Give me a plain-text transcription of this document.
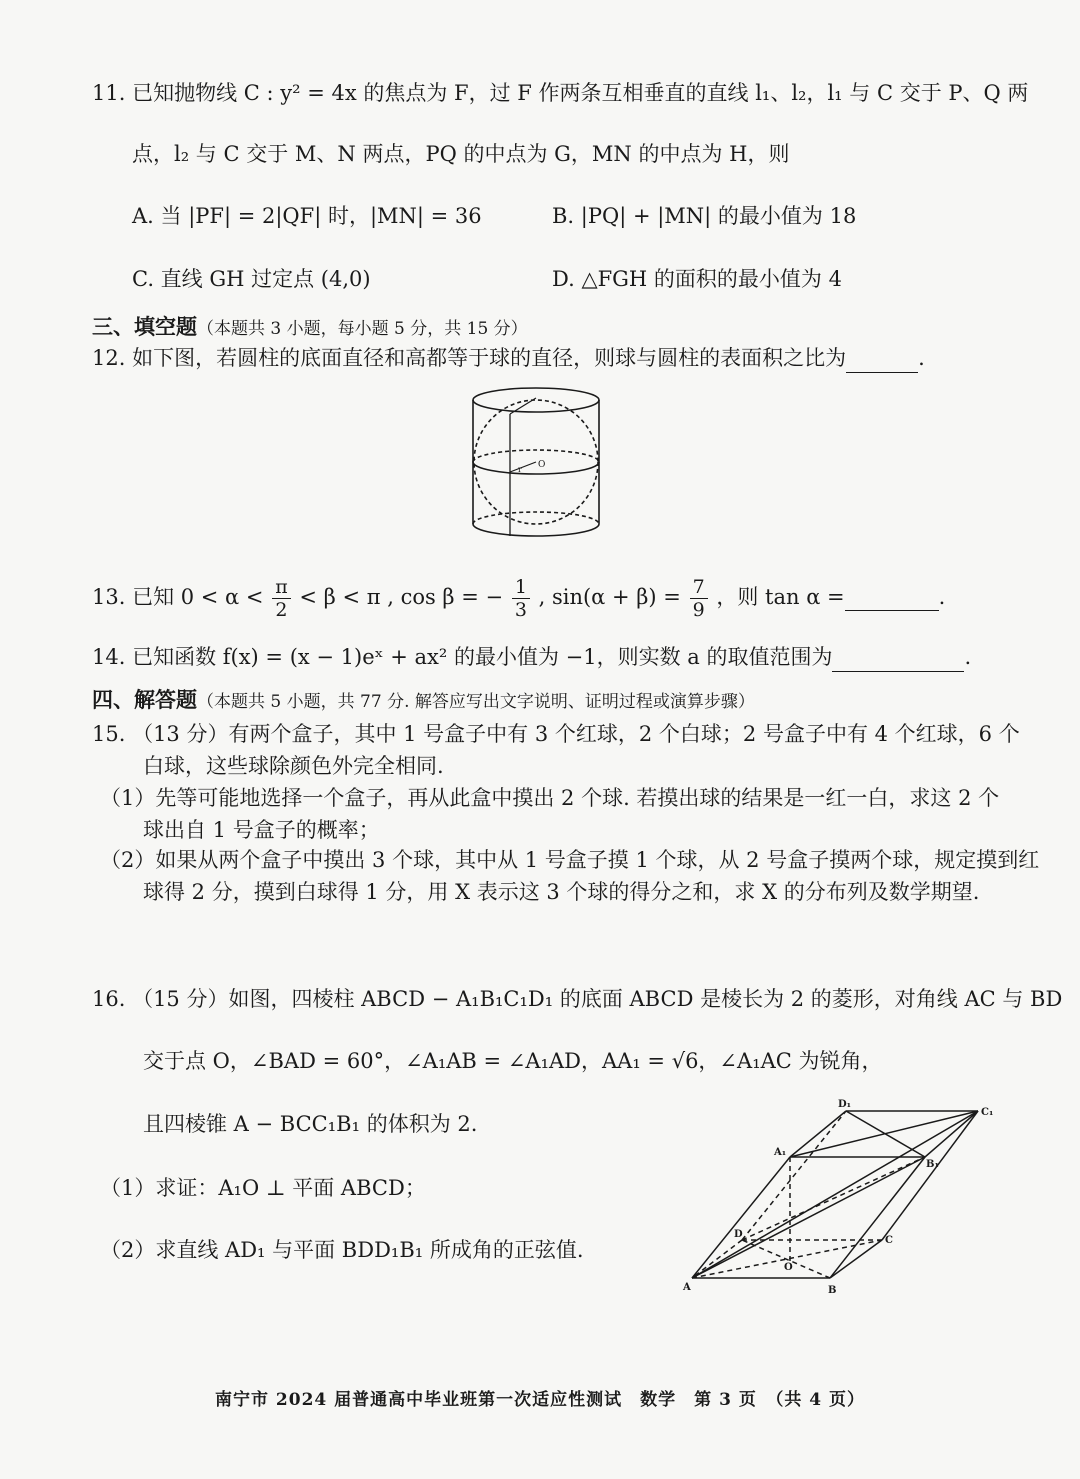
11. 已知抛物线 C : y² = 4x 的焦点为 F，过 F 作两条互相垂直的直线 l₁、l₂，l₁ 与 C 交于 P、Q 两
点，l₂ 与 C 交于 M、N 两点，PQ 的中点为 G，MN 的中点为 H，则
A. 当 |PF| = 2|QF| 时，|MN| = 36	B. |PQ| + |MN| 的最小值为 18
C. 直线 GH 过定点 (4,0)	D. △FGH 的面积的最小值为 4
三、填空题（本题共 3 小题，每小题 5 分，共 15 分）
12. 如下图，若圆柱的底面直径和高都等于球的直径，则球与圆柱的表面积之比为	.
O
r
13. 已知 $0 < \alpha < \frac{\pi}{2} < \beta < \pi$ , cos β = − $\frac{1}{3}$ , $\sin(\alpha + \beta) = \frac{7}{9}$ ，则 tan α =	.
14. 已知函数 f(x) = (x − 1)eˣ + ax² 的最小值为 −1，则实数 a 的取值范围为	.
四、解答题（本题共 5 小题，共 77 分. 解答应写出文字说明、证明过程或演算步骤）
15. （13 分）有两个盒子，其中 1 号盒子中有 3 个红球，2 个白球；2 号盒子中有 4 个红球，6 个
白球，这些球除颜色外完全相同.
（1）先等可能地选择一个盒子，再从此盒中摸出 2 个球. 若摸出球的结果是一红一白，求这 2 个
球出自 1 号盒子的概率；
（2）如果从两个盒子中摸出 3 个球，其中从 1 号盒子摸 1 个球，从 2 号盒子摸两个球，规定摸到红
球得 2 分，摸到白球得 1 分，用 X 表示这 3 个球的得分之和，求 X 的分布列及数学期望.
16. （15 分）如图，四棱柱 ABCD − A₁B₁C₁D₁ 的底面 ABCD 是棱长为 2 的菱形，对角线 AC 与 BD
交于点 O，∠BAD = 60°，∠A₁AB = ∠A₁AD，AA₁ = √6，∠A₁AC 为锐角，
且四棱锥 A − BCC₁B₁ 的体积为 2.
（1）求证：A₁O ⊥ 平面 ABCD；
（2）求直线 AD₁ 与平面 BDD₁B₁ 所成角的正弦值.
A	B
C
D
O
A₁
B₁
C₁
D₁
南宁市 2024 届普通高中毕业班第一次适应性测试　数学　第 3 页　（共 4 页）
